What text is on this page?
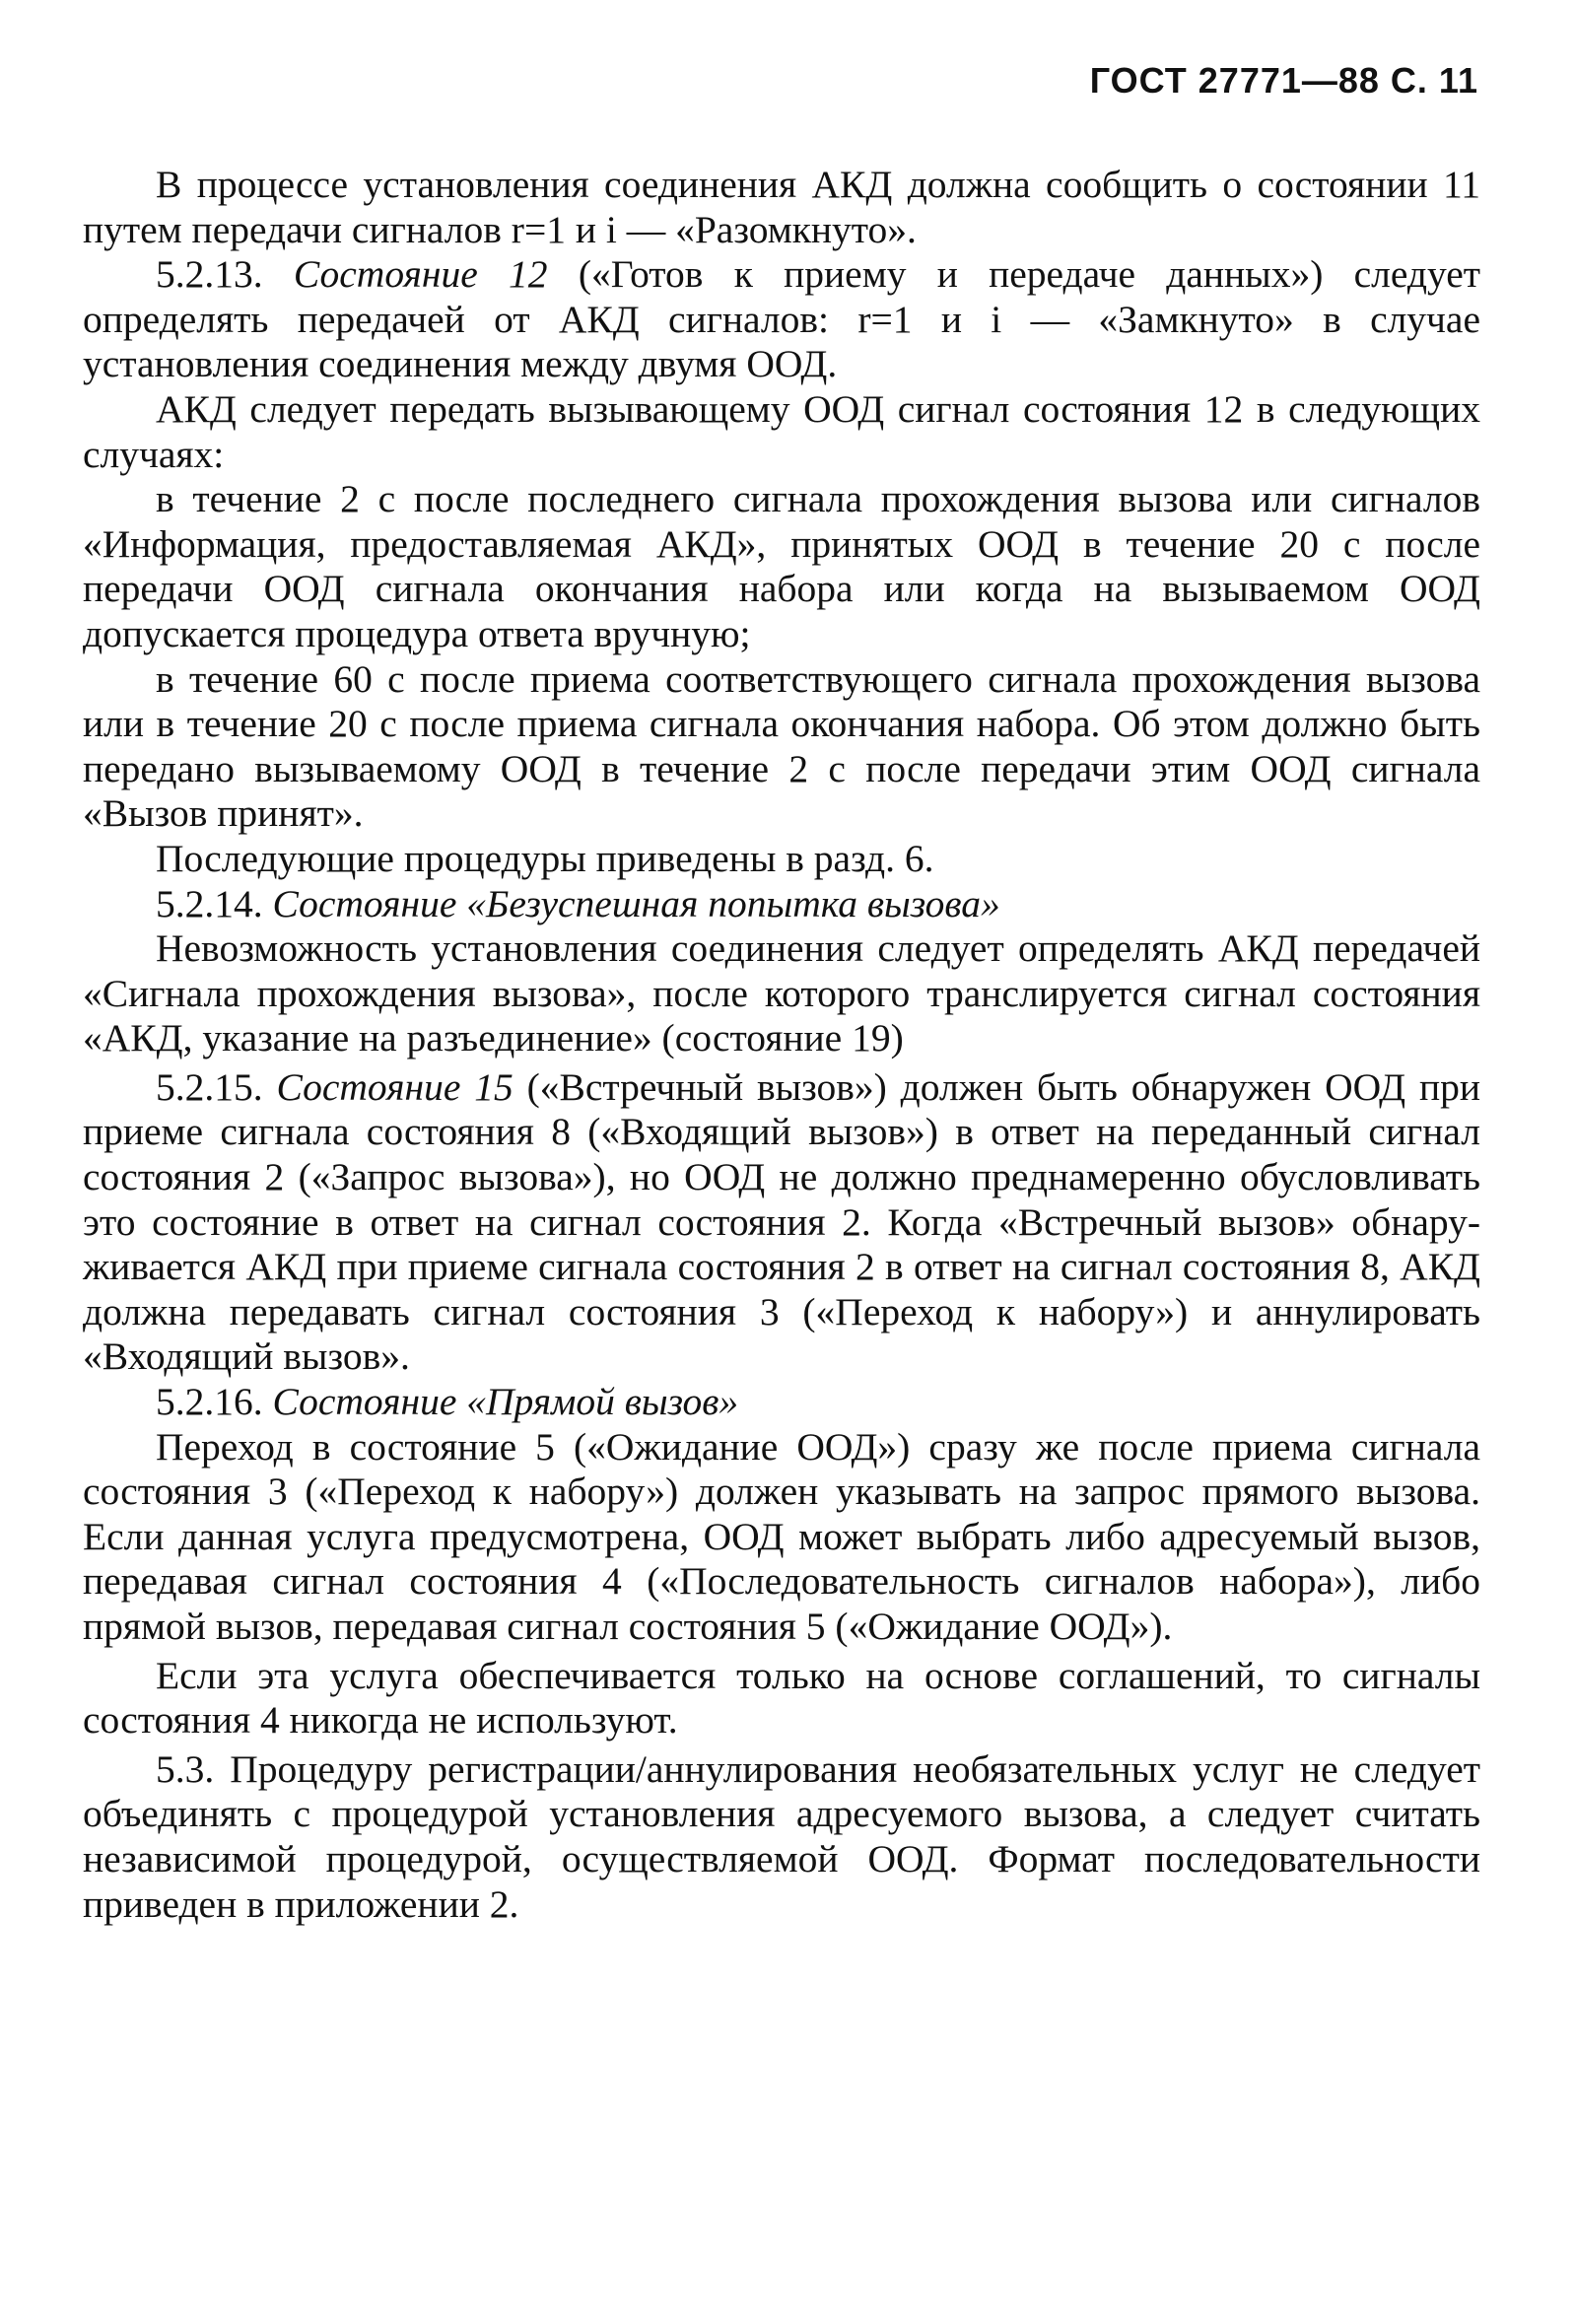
ГОСТ 27771—88 С. 11

В процессе установления соединения АКД должна сообщить о состоянии 11 путем передачи сигналов r=1 и i — «Разомкнуто».

5.2.13. Состояние 12 («Готов к приему и передаче данных») следует определять передачей от АКД сигналов: r=1 и i — «Замкнуто» в случае установления соединения между двумя ООД.

АКД следует передать вызывающему ООД сигнал состояния 12 в следующих случаях:

в течение 2 с после последнего сигнала прохождения вызова или сигналов «Информация, предоставляемая АКД», принятых ООД в течение 20 с после передачи ООД сигнала окончания набора или когда на вызываемом ООД допускается процедура ответа вручную;

в течение 60 с после приема соответствующего сигнала прохождения вызова или в течение 20 с после приема сигнала окончания набора. Об этом должно быть передано вызываемому ООД в течение 2 с после передачи этим ООД сигнала «Вызов принят».

Последующие процедуры приведены в разд. 6.

5.2.14. Состояние «Безуспешная попытка вызова»

Невозможность установления соединения следует определять АКД передачей «Сигнала прохождения вызова», после которого транслируется сигнал состояния «АКД, указание на разъединение» (состояние 19)

5.2.15. Состояние 15 («Встречный вызов») должен быть обнаружен ООД при приеме сигнала состояния 8 («Входящий вызов») в ответ на переданный сигнал состояния 2 («Запрос вызова»), но ООД не должно преднамеренно обусловливать это состояние в ответ на сигнал состояния 2. Когда «Встречный вызов» обнаруживается АКД при приеме сигнала состояния 2 в ответ на сигнал состояния 8, АКД должна передавать сигнал состояния 3 («Переход к набору») и аннулировать «Входящий вызов».

5.2.16. Состояние «Прямой вызов»

Переход в состояние 5 («Ожидание ООД») сразу же после приема сигнала состояния 3 («Переход к набору») должен указывать на запрос прямого вызова. Если данная услуга предусмотрена, ООД может выбрать либо адресуемый вызов, передавая сигнал состояния 4 («Последовательность сигналов набора»), либо прямой вызов, передавая сигнал состояния 5 («Ожидание ООД»).

Если эта услуга обеспечивается только на основе соглашений, то сигналы состояния 4 никогда не используют.

5.3. Процедуру регистрации/аннулирования необязательных услуг не следует объединять с процедурой установления адресуемого вызова, а следует считать независимой процедурой, осуществляемой ООД. Формат последовательности приведен в приложении 2.
